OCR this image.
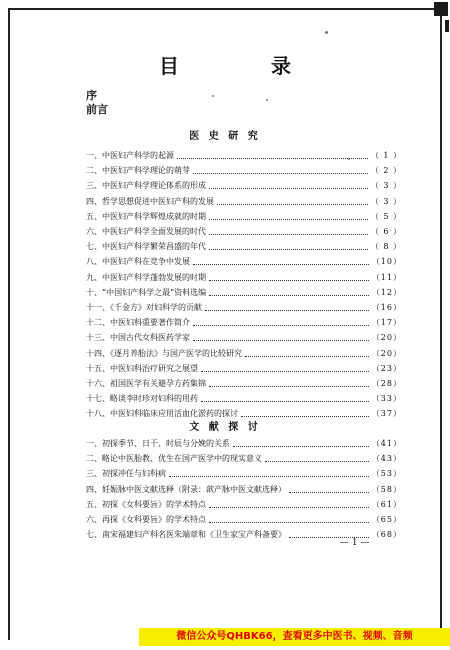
目　录
序
前言
医 史 研 究
一、中医妇产科学的起源	（ 1 ）
二、中医妇产科学理论的萌芽	（ 2 ）
三、中医妇产科学理论体系的形成	（ 3 ）
四、哲学思想促进中医妇产科的发展	（ 3 ）
五、中医妇产科学辉煌成就的时期	（ 5 ）
六、中医妇产科学全面发展的时代	（ 6 ）
七、中医妇产科学繁荣昌盛的年代	（ 8 ）
八、中医妇产科在竞争中发展	（10）
九、中医妇产科学蓬勃发展的时期	（11）
十、“中国妇产科学之最”资料选编	（12）
十一、《千金方》对妇科学的贡献	（16）
十二、中医妇科重要著作简介	（17）
十三、中国古代女科医药学家	（20）
十四、《逐月养胎法》与国产医学的比较研究	（20）
十五、中医妇科治疗研究之展望	（23）
十六、祖国医学有关避孕方药集锦	（28）
十七、略谈李时珍对妇科的用药	（33）
十八、中医妇科临床应用活血化淤药的探讨	（37）
文 献 探 讨
一、初探季节、日干、时辰与分娩的关系	（41）
二、略论中医胎教、优生在国产医学中的现实意义	（43）
三、初探冲任与妇科病	（53）
四、妊娠脉中医文献选释（附录：歆产脉中医文献选释）	（58）
五、初探《女科要旨》的学术特点	（61）
六、再探《女科要旨》的学术特点	（65）
七、南宋福建妇产科名医朱端章和《卫生家宝产科备要》	（68）
— 1 —
微信公众号QHBK66，查看更多中医书、视频、音频
